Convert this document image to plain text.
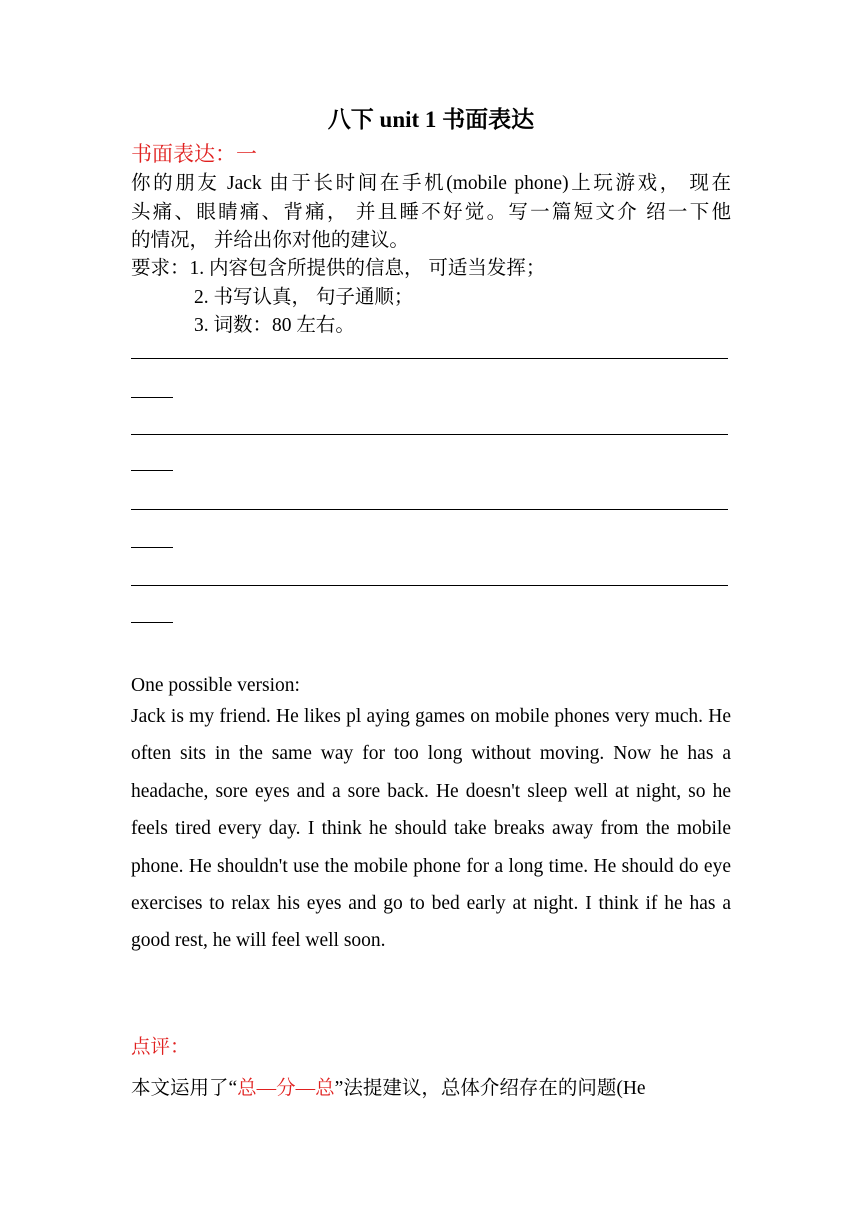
八下 unit 1 书面表达
书面表达：一
你的朋友 Jack 由于长时间在手机(mobile phone)上玩游戏， 现在
头痛、眼睛痛、背痛， 并且睡不好觉。写一篇短文介 绍一下他
的情况， 并给出你对他的建议。
要求：1. 内容包含所提供的信息， 可适当发挥；
2. 书写认真， 句子通顺；
3. 词数：80 左右。
One possible version:
Jack is my friend. He likes pl aying games on mobile phones very much. He often sits in the same way for too long without moving. Now he has a headache, sore eyes and a sore back. He doesn't sleep well at night, so he feels tired every day. I think he should take breaks away from the mobile phone. He shouldn't use the mobile phone for a long time. He should do eye exercises to relax his eyes and go to bed early at night. I think if he has a good rest, he will feel well soon.
点评：
本文运用了“总—分—总”法提建议，总体介绍存在的问题(He
